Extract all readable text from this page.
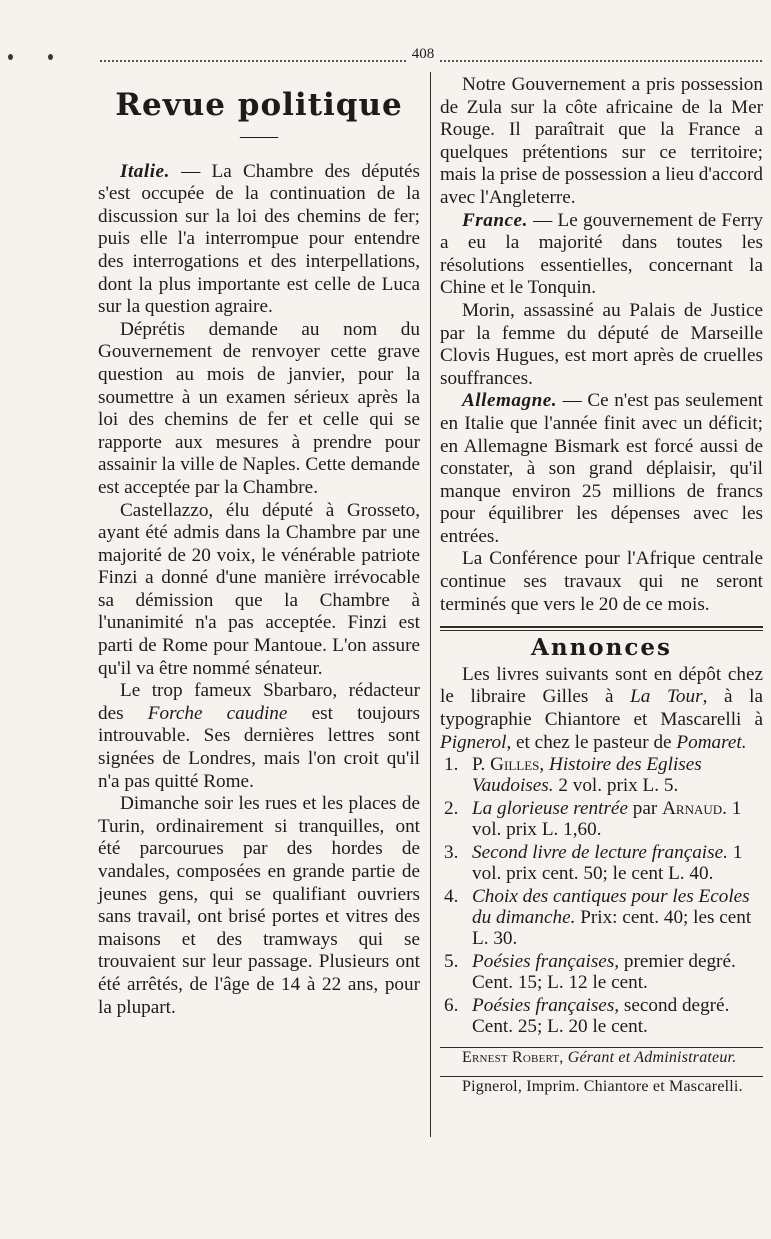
408
Revue politique
——

Italie. — La Chambre des députés s'est occupée de la continuation de la discussion sur la loi des chemins de fer; puis elle l'a interrompue pour entendre des interrogations et des interpellations, dont la plus importante est celle de Luca sur la question agraire.

Déprétis demande au nom du Gouvernement de renvoyer cette grave question au mois de janvier, pour la soumettre à un examen sérieux après la loi des chemins de fer et celle qui se rapporte aux mesures à prendre pour assainir la ville de Naples. Cette demande est acceptée par la Chambre.

Castellazzo, élu député à Grosseto, ayant été admis dans la Chambre par une majorité de 20 voix, le vénérable patriote Finzi a donné d'une manière irrévocable sa démission que la Chambre à l'unanimité n'a pas acceptée. Finzi est parti de Rome pour Mantoue. L'on assure qu'il va être nommé sénateur.

Le trop fameux Sbarbaro, rédacteur des Forche caudine est toujours introuvable. Ses dernières lettres sont signées de Londres, mais l'on croit qu'il n'a pas quitté Rome.

Dimanche soir les rues et les places de Turin, ordinairement si tranquilles, ont été parcourues par des hordes de vandales, composées en grande partie de jeunes gens, qui se qualifiant ouvriers sans travail, ont brisé portes et vitres des maisons et des tramways qui se trouvaient sur leur passage. Plusieurs ont été arrêtés, de l'âge de 14 à 22 ans, pour la plupart.

Notre Gouvernement a pris possession de Zula sur la côte africaine de la Mer Rouge. Il paraîtrait que la France a quelques prétentions sur ce territoire; mais la prise de possession a lieu d'accord avec l'Angleterre.

France. — Le gouvernement de Ferry a eu la majorité dans toutes les résolutions essentielles, concernant la Chine et le Tonquin.

Morin, assassiné au Palais de Justice par la femme du député de Marseille Clovis Hugues, est mort après de cruelles souffrances.

Allemagne. — Ce n'est pas seulement en Italie que l'année finit avec un déficit; en Allemagne Bismark est forcé aussi de constater, à son grand déplaisir, qu'il manque environ 25 millions de francs pour équilibrer les dépenses avec les entrées.

La Conférence pour l'Afrique centrale continue ses travaux qui ne seront terminés que vers le 20 de ce mois.

Annonces

Les livres suivants sont en dépôt chez le libraire Gilles à La Tour, à la typographie Chiantore et Mascarelli à Pignerol, et chez le pasteur de Pomaret.

1. P. Gilles, Histoire des Eglises Vaudoises. 2 vol. prix L. 5.
2. La glorieuse rentrée par Arnaud. 1 vol. prix L. 1,60.
3. Second livre de lecture française. 1 vol. prix cent. 50; le cent L. 40.
4. Choix des cantiques pour les Ecoles du dimanche. Prix: cent. 40; les cent L. 30.
5. Poésies françaises, premier degré. Cent. 15; L. 12 le cent.
6. Poésies françaises, second degré. Cent. 25; L. 20 le cent.

Ernest Robert, Gérant et Administrateur.

Pignerol, Imprim. Chiantore et Mascarelli.
